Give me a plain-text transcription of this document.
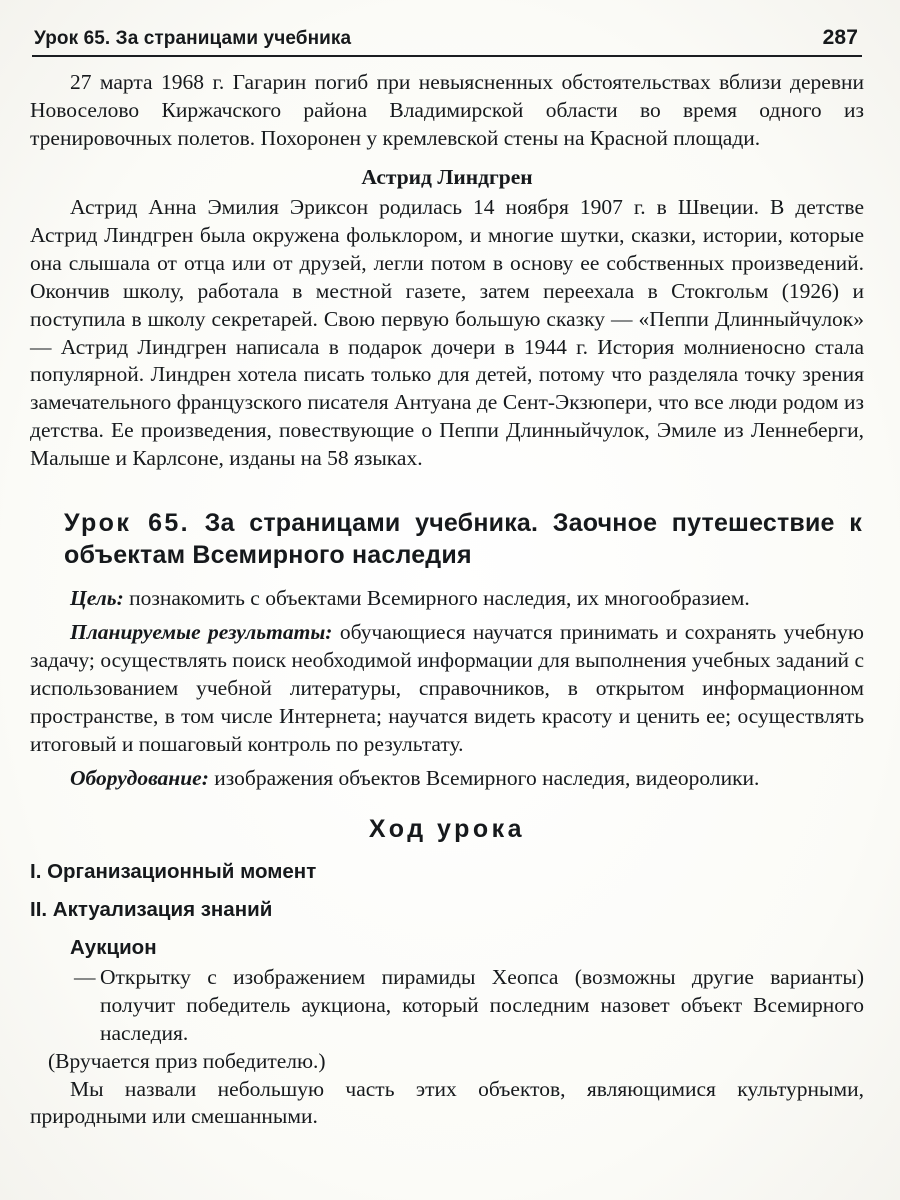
Урок 65. За страницами учебника	287

27 марта 1968 г. Гагарин погиб при невыясненных обстоятельствах вблизи деревни Новоселово Киржачского района Владимирской области во время одного из тренировочных полетов. Похоронен у кремлевской стены на Красной площади.

Астрид Линдгрен

Астрид Анна Эмилия Эриксон родилась 14 ноября 1907 г. в Швеции. В детстве Астрид Линдгрен была окружена фольклором, и многие шутки, сказки, истории, которые она слышала от отца или от друзей, легли потом в основу ее собственных произведений. Окончив школу, работала в местной газете, затем переехала в Стокгольм (1926) и поступила в школу секретарей. Свою первую большую сказку — «Пеппи Длинныйчулок» — Астрид Линдгрен написала в подарок дочери в 1944 г. История молниеносно стала популярной. Линдрен хотела писать только для детей, потому что разделяла точку зрения замечательного французского писателя Антуана де Сент-Экзюпери, что все люди родом из детства. Ее произведения, повествующие о Пеппи Длинныйчулок, Эмиле из Леннеберги, Малыше и Карлсоне, изданы на 58 языках.

Урок 65. За страницами учебника. Заочное путешествие к объектам Всемирного наследия

Цель: познакомить с объектами Всемирного наследия, их многообразием.

Планируемые результаты: обучающиеся научатся принимать и сохранять учебную задачу; осуществлять поиск необходимой информации для выполнения учебных заданий с использованием учебной литературы, справочников, в открытом информационном пространстве, в том числе Интернета; научатся видеть красоту и ценить ее; осуществлять итоговый и пошаговый контроль по результату.

Оборудование: изображения объектов Всемирного наследия, видеоролики.

Ход урока
I. Организационный момент
II. Актуализация знаний
Аукцион
— Открытку с изображением пирамиды Хеопса (возможны другие варианты) получит победитель аукциона, который последним назовет объект Всемирного наследия.

(Вручается приз победителю.)

Мы назвали небольшую часть этих объектов, являющимися культурными, природными или смешанными.
